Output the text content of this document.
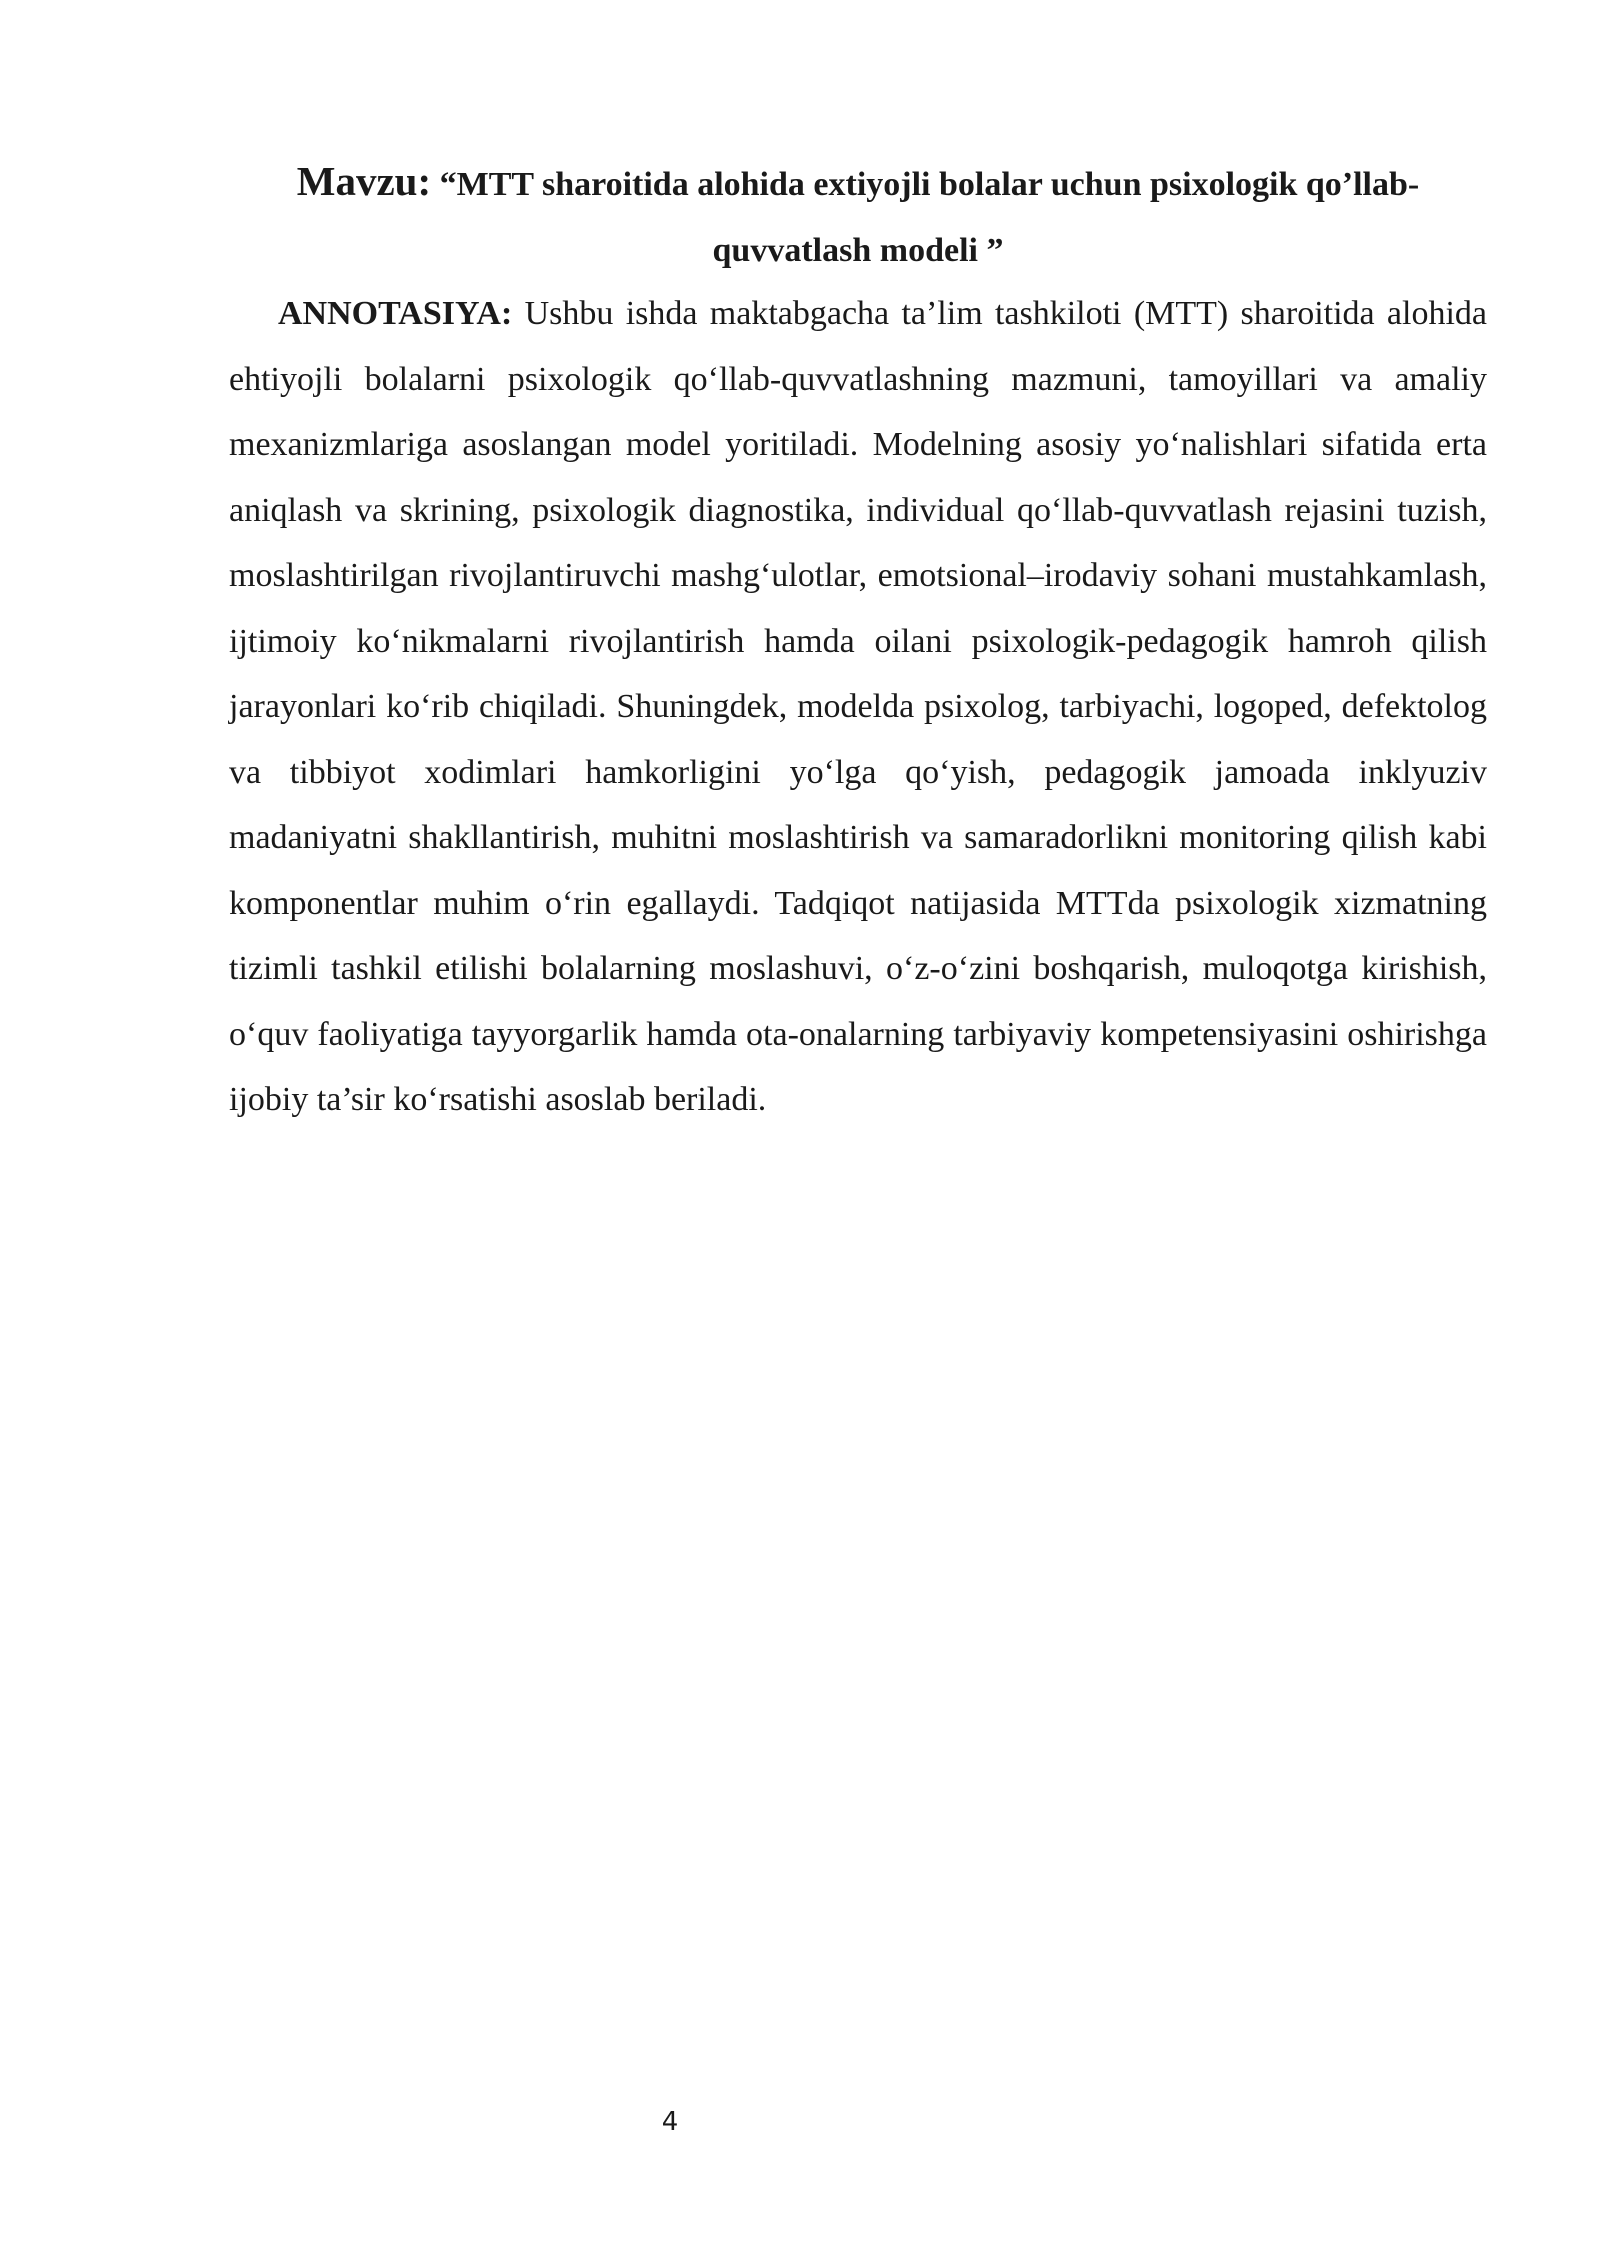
Mavzu: “MTT sharoitida alohida extiyojli bolalar uchun psixologik qo’llab-quvvatlash modeli ”

ANNOTASIYA: Ushbu ishda maktabgacha ta’lim tashkiloti (MTT) sharoitida alohida ehtiyojli bolalarni psixologik qo‘llab-quvvatlashning mazmuni, tamoyillari va amaliy mexanizmlariga asoslangan model yoritiladi. Modelning asosiy yo‘nalishlari sifatida erta aniqlash va skrining, psixologik diagnostika, individual qo‘llab-quvvatlash rejasini tuzish, moslashtirilgan rivojlantiruvchi mashg‘ulotlar, emotsional–irodaviy sohani mustahkamlash, ijtimoiy ko‘nikmalarni rivojlantirish hamda oilani psixologik-pedagogik hamroh qilish jarayonlari ko‘rib chiqiladi. Shuningdek, modelda psixolog, tarbiyachi, logoped, defektolog va tibbiyot xodimlari hamkorligini yo‘lga qo‘yish, pedagogik jamoada inklyuziv madaniyatni shakllantirish, muhitni moslashtirish va samaradorlikni monitoring qilish kabi komponentlar muhim o‘rin egallaydi. Tadqiqot natijasida MTTda psixologik xizmatning tizimli tashkil etilishi bolalarning moslashuvi, o‘z-o‘zini boshqarish, muloqotga kirishish, o‘quv faoliyatiga tayyorgarlik hamda ota-onalarning tarbiyaviy kompetensiyasini oshirishga ijobiy ta’sir ko‘rsatishi asoslab beriladi.

4
